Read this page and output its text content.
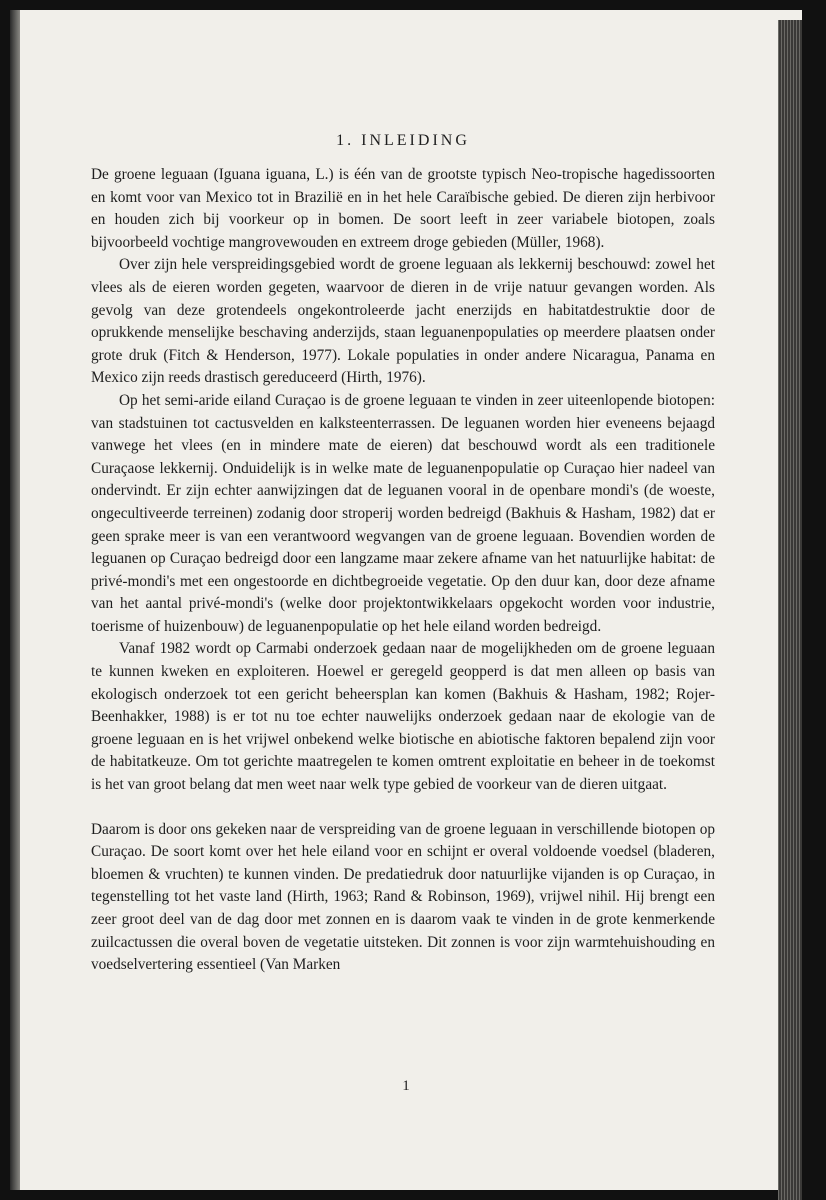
1. INLEIDING

De groene leguaan (Iguana iguana, L.) is één van de grootste typisch Neo-tropische hagedissoorten en komt voor van Mexico tot in Brazilië en in het hele Caraïbische gebied. De dieren zijn herbivoor en houden zich bij voorkeur op in bomen. De soort leeft in zeer variabele biotopen, zoals bijvoorbeeld vochtige mangrovewouden en extreem droge gebieden (Müller, 1968).

Over zijn hele verspreidingsgebied wordt de groene leguaan als lekkernij beschouwd: zowel het vlees als de eieren worden gegeten, waarvoor de dieren in de vrije natuur gevangen worden. Als gevolg van deze grotendeels ongekontroleerde jacht enerzijds en habitatdestruktie door de oprukkende menselijke beschaving anderzijds, staan leguanenpopulaties op meerdere plaatsen onder grote druk (Fitch & Henderson, 1977). Lokale populaties in onder andere Nicaragua, Panama en Mexico zijn reeds drastisch gereduceerd (Hirth, 1976).

Op het semi-aride eiland Curaçao is de groene leguaan te vinden in zeer uiteenlopende biotopen: van stadstuinen tot cactusvelden en kalksteenterrassen. De leguanen worden hier eveneens bejaagd vanwege het vlees (en in mindere mate de eieren) dat beschouwd wordt als een traditionele Curaçaose lekkernij. Onduidelijk is in welke mate de leguanenpopulatie op Curaçao hier nadeel van ondervindt. Er zijn echter aanwijzingen dat de leguanen vooral in de openbare mondi's (de woeste, ongecultiveerde terreinen) zodanig door stroperij worden bedreigd (Bakhuis & Hasham, 1982) dat er geen sprake meer is van een verantwoord wegvangen van de groene leguaan. Bovendien worden de leguanen op Curaçao bedreigd door een langzame maar zekere afname van het natuurlijke habitat: de privé-mondi's met een ongestoorde en dichtbegroeide vegetatie. Op den duur kan, door deze afname van het aantal privé-mondi's (welke door projektontwikkelaars opgekocht worden voor industrie, toerisme of huizenbouw) de leguanenpopulatie op het hele eiland worden bedreigd.

Vanaf 1982 wordt op Carmabi onderzoek gedaan naar de mogelijkheden om de groene leguaan te kunnen kweken en exploiteren. Hoewel er geregeld geopperd is dat men alleen op basis van ekologisch onderzoek tot een gericht beheersplan kan komen (Bakhuis & Hasham, 1982; Rojer-Beenhakker, 1988) is er tot nu toe echter nauwelijks onderzoek gedaan naar de ekologie van de groene leguaan en is het vrijwel onbekend welke biotische en abiotische faktoren bepalend zijn voor de habitatkeuze. Om tot gerichte maatregelen te komen omtrent exploitatie en beheer in de toekomst is het van groot belang dat men weet naar welk type gebied de voorkeur van de dieren uitgaat.

Daarom is door ons gekeken naar de verspreiding van de groene leguaan in verschillende biotopen op Curaçao. De soort komt over het hele eiland voor en schijnt er overal voldoende voedsel (bladeren, bloemen & vruchten) te kunnen vinden. De predatiedruk door natuurlijke vijanden is op Curaçao, in tegenstelling tot het vaste land (Hirth, 1963; Rand & Robinson, 1969), vrijwel nihil. Hij brengt een zeer groot deel van de dag door met zonnen en is daarom vaak te vinden in de grote kenmerkende zuilcactussen die overal boven de vegetatie uitsteken. Dit zonnen is voor zijn warmtehuishouding en voedselvertering essentieel (Van Marken

1
